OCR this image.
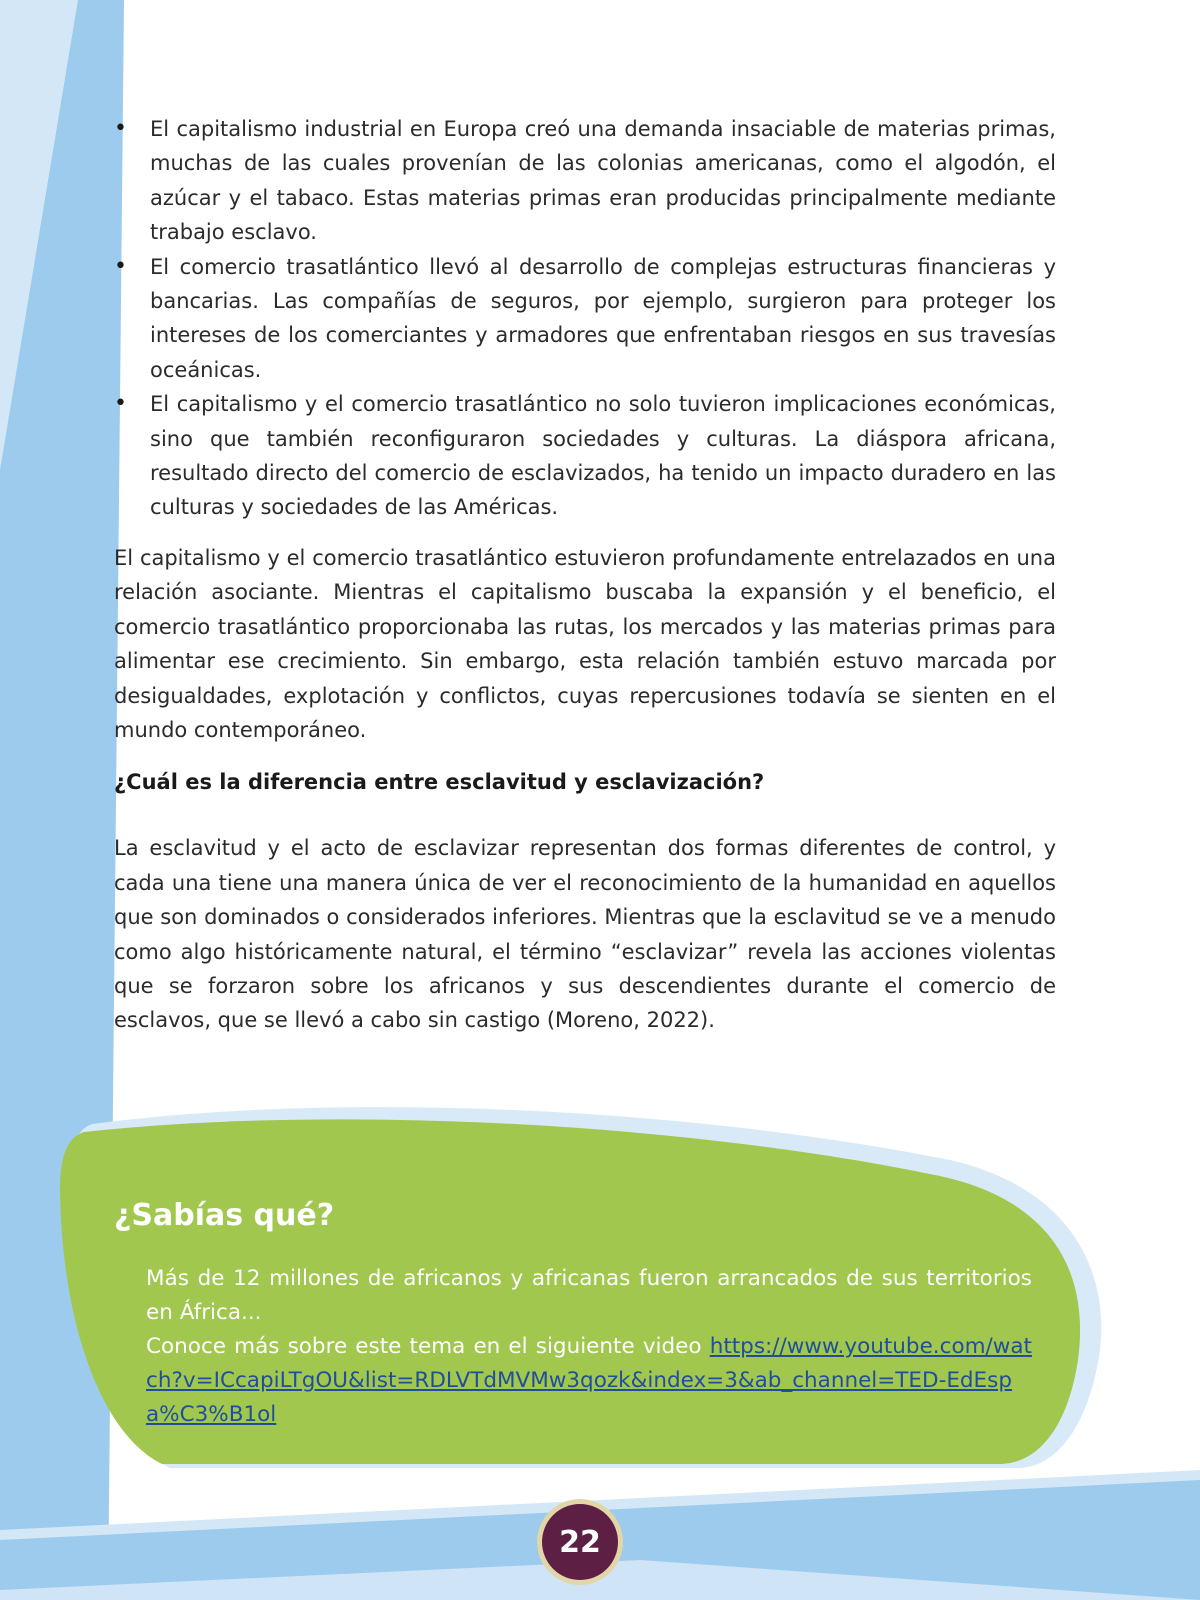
• El capitalismo industrial en Europa creó una demanda insaciable de materias primas, muchas de las cuales provenían de las colonias americanas, como el algodón, el azúcar y el tabaco. Estas materias primas eran producidas principalmente mediante trabajo esclavo.
• El comercio trasatlántico llevó al desarrollo de complejas estructuras financieras y bancarias. Las compañías de seguros, por ejemplo, surgieron para proteger los intereses de los comerciantes y armadores que enfrentaban riesgos en sus travesías oceánicas.
• El capitalismo y el comercio trasatlántico no solo tuvieron implicaciones económicas, sino que también reconfiguraron sociedades y culturas. La diáspora africana, resultado directo del comercio de esclavizados, ha tenido un impacto duradero en las culturas y sociedades de las Américas.

El capitalismo y el comercio trasatlántico estuvieron profundamente entrelazados en una relación asociante. Mientras el capitalismo buscaba la expansión y el beneficio, el comercio trasatlántico proporcionaba las rutas, los mercados y las materias primas para alimentar ese crecimiento. Sin embargo, esta relación también estuvo marcada por desigualdades, explotación y conflictos, cuyas repercusiones todavía se sienten en el mundo contemporáneo.

¿Cuál es la diferencia entre esclavitud y esclavización?

La esclavitud y el acto de esclavizar representan dos formas diferentes de control, y cada una tiene una manera única de ver el reconocimiento de la humanidad en aquellos que son dominados o considerados inferiores. Mientras que la esclavitud se ve a menudo como algo históricamente natural, el término “esclavizar” revela las acciones violentas que se forzaron sobre los africanos y sus descendientes durante el comercio de esclavos, que se llevó a cabo sin castigo (Moreno, 2022).

¿Sabías qué?
Más de 12 millones de africanos y africanas fueron arrancados de sus territorios en África...
Conoce más sobre este tema en el siguiente video https://www.youtube.com/watch?v=ICcapiLTgOU&list=RDLVTdMVMw3qozk&index=3&ab_channel=TED-EdEspa%C3%B1ol
22
